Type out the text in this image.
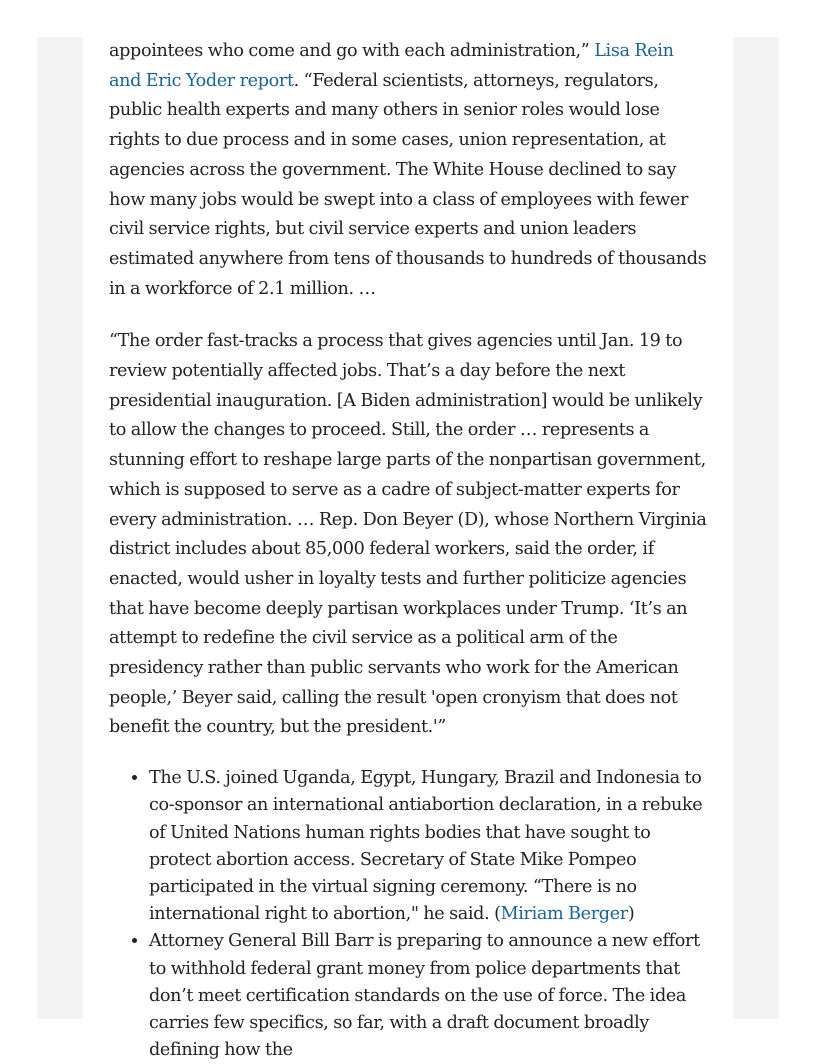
appointees who come and go with each administration,” Lisa Rein and Eric Yoder report. “Federal scientists, attorneys, regulators, public health experts and many others in senior roles would lose rights to due process and in some cases, union representation, at agencies across the government. The White House declined to say how many jobs would be swept into a class of employees with fewer civil service rights, but civil service experts and union leaders estimated anywhere from tens of thousands to hundreds of thousands in a workforce of 2.1 million. …

“The order fast-tracks a process that gives agencies until Jan. 19 to review potentially affected jobs. That’s a day before the next presidential inauguration. [A Biden administration] would be unlikely to allow the changes to proceed. Still, the order … represents a stunning effort to reshape large parts of the nonpartisan government, which is supposed to serve as a cadre of subject-matter experts for every administration. … Rep. Don Beyer (D), whose Northern Virginia district includes about 85,000 federal workers, said the order, if enacted, would usher in loyalty tests and further politicize agencies that have become deeply partisan workplaces under Trump. ‘It’s an attempt to redefine the civil service as a political arm of the presidency rather than public servants who work for the American people,’ Beyer said, calling the result 'open cronyism that does not benefit the country, but the president.'”

• The U.S. joined Uganda, Egypt, Hungary, Brazil and Indonesia to co-sponsor an international antiabortion declaration, in a rebuke of United Nations human rights bodies that have sought to protect abortion access. Secretary of State Mike Pompeo participated in the virtual signing ceremony. “There is no international right to abortion," he said. (Miriam Berger)
• Attorney General Bill Barr is preparing to announce a new effort to withhold federal grant money from police departments that don’t meet certification standards on the use of force. The idea carries few specifics, so far, with a draft document broadly defining how the
